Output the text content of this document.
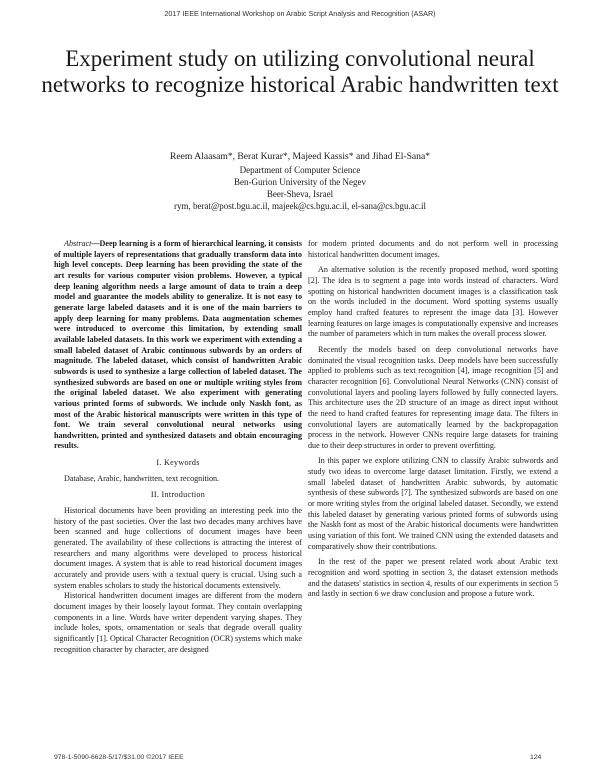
2017 IEEE International Workshop on Arabic Script Analysis and Recognition (ASAR)
Experiment study on utilizing convolutional neural networks to recognize historical Arabic handwritten text
Reem Alaasam*, Berat Kurar*, Majeed Kassis* and Jihad El-Sana*
Department of Computer Science
Ben-Gurion University of the Negev
Beer-Sheva, Israel
rym, berat@post.bgu.ac.il, majeek@cs.bgu.ac.il, el-sana@cs.bgu.ac.il

Abstract—Deep learning is a form of hierarchical learning, it consists of multiple layers of representations that gradually transform data into high level concepts. Deep learning has been providing the state of the art results for various computer vision problems. However, a typical deep leaning algorithm needs a large amount of data to train a deep model and guarantee the models ability to generalize. It is not easy to generate large labeled datasets and it is one of the main barriers to apply deep learning for many problems. Data augmentation schemes were introduced to overcome this limitation, by extending small available labeled datasets. In this work we experiment with extending a small labeled dataset of Arabic continuous subwords by an orders of magnitude. The labeled dataset, which consist of handwritten Arabic subwords is used to synthesize a large collection of labeled dataset. The synthesized subwords are based on one or multiple writing styles from the original labeled dataset. We also experiment with generating various printed forms of subwords. We include only Naskh font, as most of the Arabic historical manuscripts were written in this type of font. We train several convolutional neural networks using handwritten, printed and synthesized datasets and obtain encouraging results.

I. Keywords

Database, Arabic, handwritten, text recognition.

II. Introduction

Historical documents have been providing an interesting peek into the history of the past societies. Over the last two decades many archives have been scanned and huge collections of document images have been generated. The availability of these collections is attracting the interest of researchers and many algorithms were developed to process historical document images. A system that is able to read historical document images accurately and provide users with a textual query is crucial. Using such a system enables scholars to study the historical documents extensively.

Historical handwritten document images are different from the modern document images by their loosely layout format. They contain overlapping components in a line. Words have writer dependent varying shapes. They include holes, spots, ornamentation or seals that degrade overall quality significantly [1]. Optical Character Recognition (OCR) systems which make recognition character by character, are designed

for modern printed documents and do not perform well in processing historical handwritten document images.

An alternative solution is the recently proposed method, word spotting [2]. The idea is to segment a page into words instead of characters. Word spotting on historical handwritten document images is a classification task on the words included in the document. Word spotting systems usually employ hand crafted features to represent the image data [3]. However learning features on large images is computationally expensive and increases the number of parameters which in turn makes the overall process slower.

Recently the models based on deep convolutional networks have dominated the visual recognition tasks. Deep models have been successfully applied to problems such as text recognition [4], image recognition [5] and character recognition [6]. Convolutional Neural Networks (CNN) consist of convolutional layers and pooling layers followed by fully connected layers. This architecture uses the 2D structure of an image as direct input without the need to hand crafted features for representing image data. The filters in convolutional layers are automatically learned by the backpropagation process in the network. However CNNs require large datasets for training due to their deep structures in order to prevent overfitting.

In this paper we explore utilizing CNN to classify Arabic subwords and study two ideas to overcome large dataset limitation. Firstly, we extend a small labeled dataset of handwritten Arabic subwords, by automatic synthesis of these subwords [7]. The synthesized subwords are based on one or more writing styles from the original labeled dataset. Secondly, we extend this labeled dataset by generating various printed forms of subwords using the Naskh font as most of the Arabic historical documents were handwritten using variation of this font. We trained CNN using the extended datasets and comparatively show their contributions.

In the rest of the paper we present related work about Arabic text recognition and word spotting in section 3, the dataset extension methods and the datasets' statistics in section 4, results of our experiments in section 5 and lastly in section 6 we draw conclusion and propose a future work.

978-1-5090-6628-5/17/$31.00 ©2017 IEEE	124
